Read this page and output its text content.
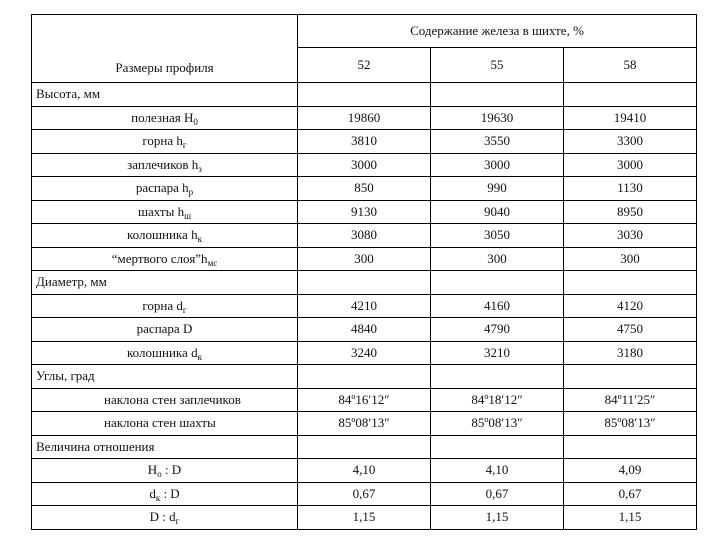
Размеры профиля	Содержание железа в шихте, %		
	52	55	58
Высота, мм			
полезная $H_0$	19860	19630	19410
горна $h_г$	3810	3550	3300
заплечиков $h_з$	3000	3000	3000
распара $h_р$	850	990	1130
шахты $h_ш$	9130	9040	8950
колошника $h_к$	3080	3050	3030
“мертвого $слоя”h_{мс}$	300	300	300
Диаметр, мм			
горна $d_г$	4210	4160	4120
распара D	4840	4790	4750
колошника $d_к$	3240	3210	3180
Углы, град			
наклона стен заплечиков	84º16′12″	84º18′12″	84º11′25″
наклона стен шахты	85º08′13″	85º08′13″	85º08′13″
Величина отношения			
$H_о$ : D	4,10	4,10	4,09
$d_к$ : D	0,67	0,67	0,67
D : $d_г$	1,15	1,15	1,15
